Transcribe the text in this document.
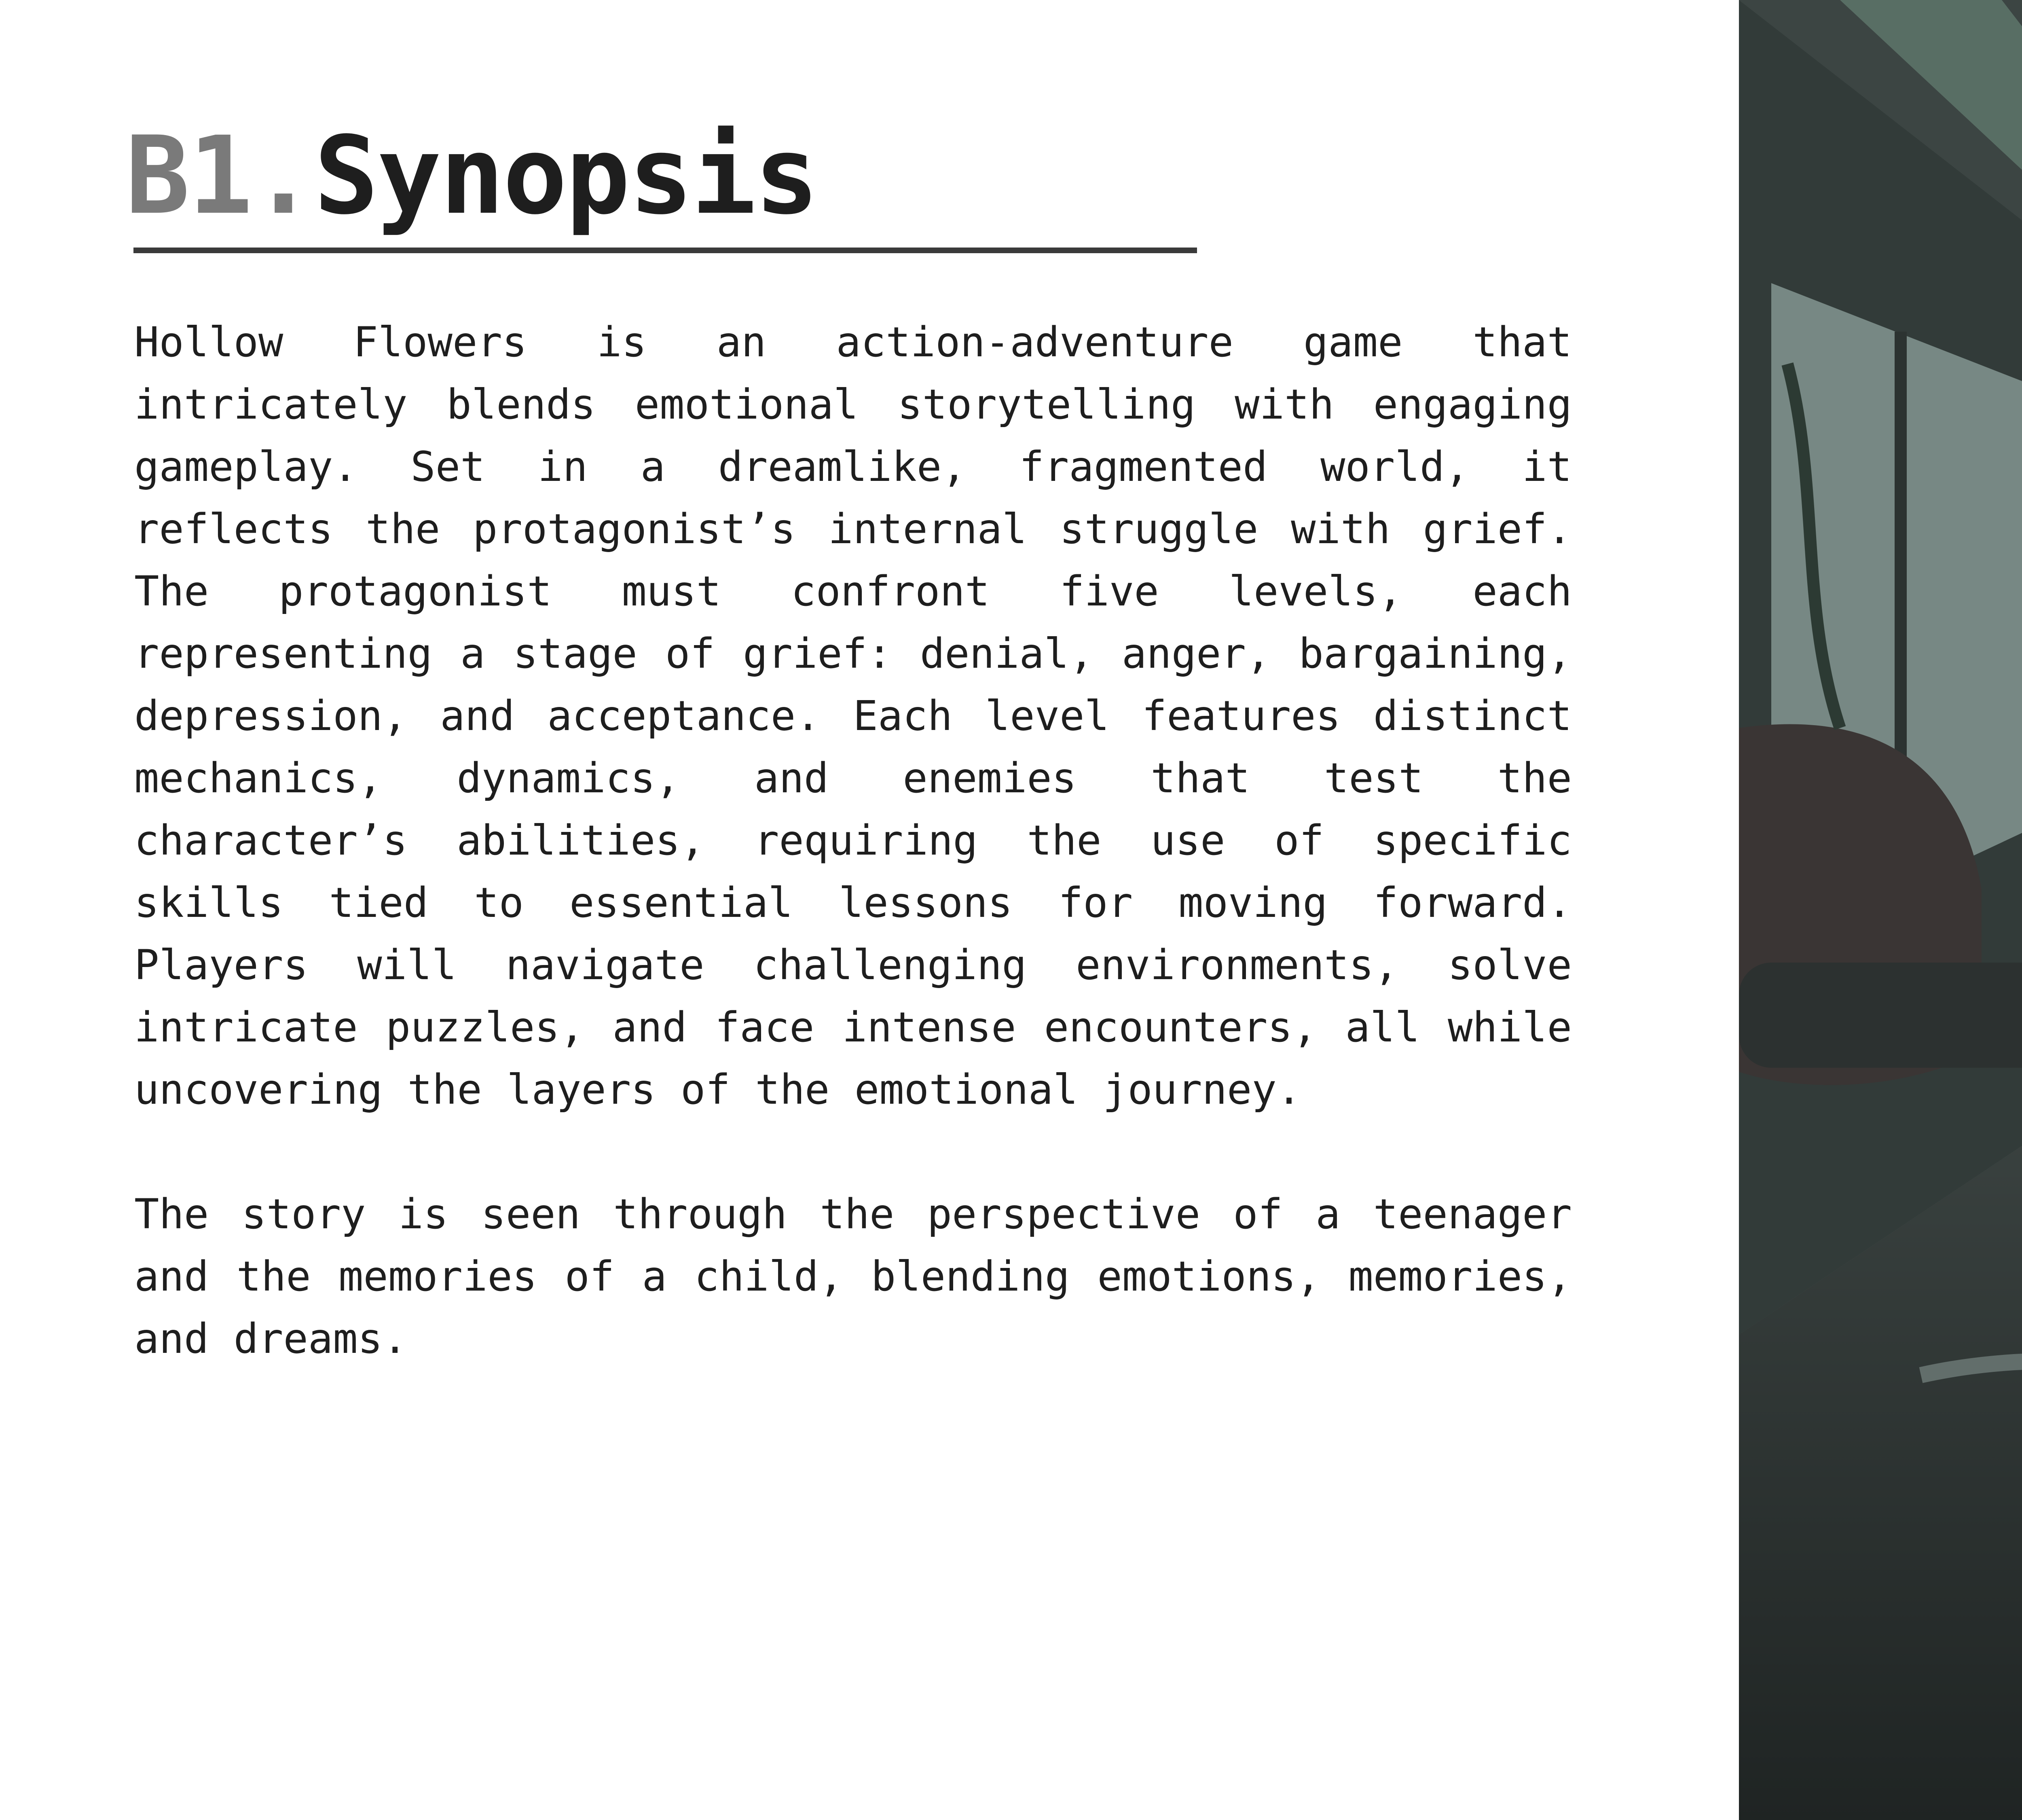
B1.Synopsis

Hollow Flowers is an action-adventure game that intricately blends emotional storytelling with engaging gameplay. Set in a dreamlike, fragmented world, it reflects the protagonist’s internal struggle with grief. The protagonist must confront five levels, each representing a stage of grief: denial, anger, bargaining, depression, and acceptance. Each level features distinct mechanics, dynamics, and enemies that test the character’s abilities, requiring the use of specific skills tied to essential lessons for moving forward. Players will navigate challenging environments, solve intricate puzzles, and face intense encounters, all while uncovering the layers of the emotional journey.

The story is seen through the perspective of a teenager and the memories of a child, blending emotions, memories, and dreams.
